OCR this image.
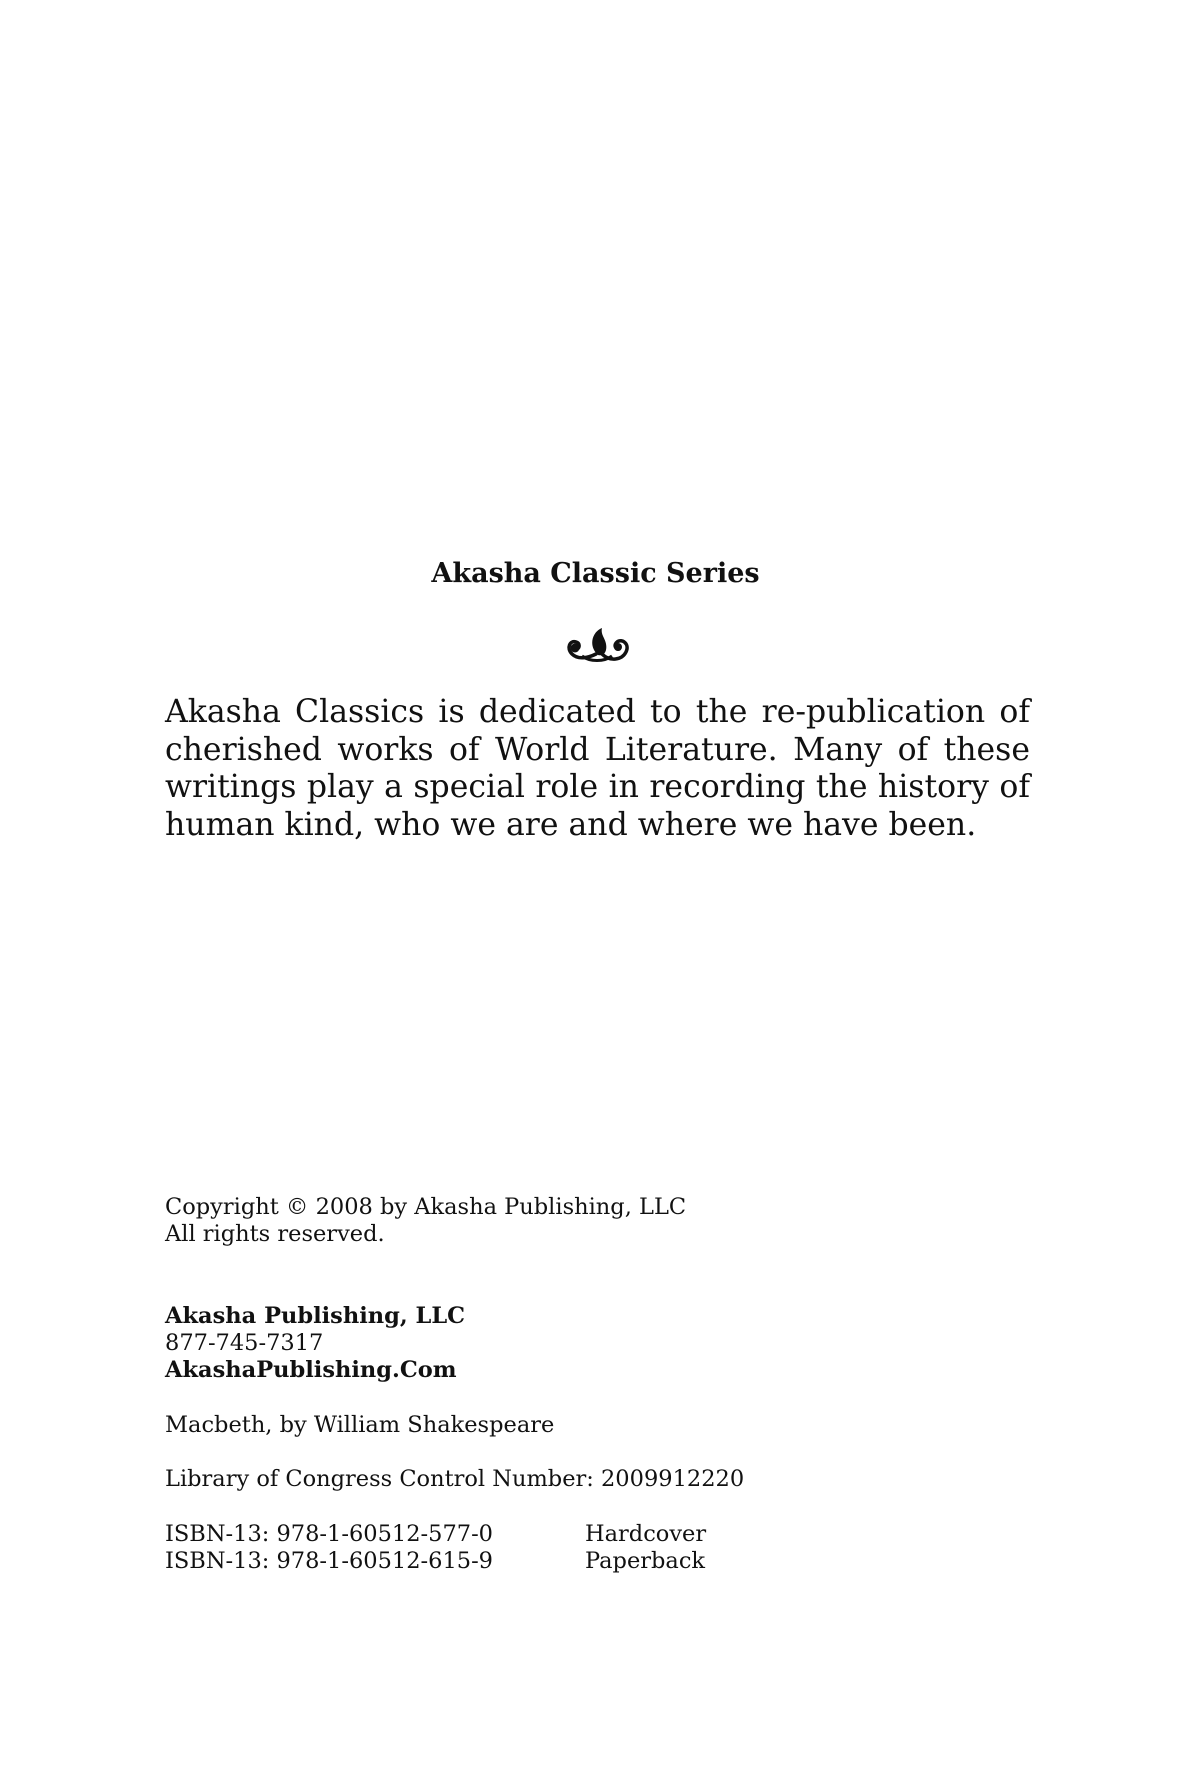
Akasha Classic Series

Akasha Classics is dedicated to the re-publication of cherished works of World Literature. Many of these writings play a special role in recording the history of human kind, who we are and where we have been.

Copyright © 2008 by Akasha Publishing, LLC
All rights reserved.
Akasha Publishing, LLC
877-745-7317
AkashaPublishing.Com
Macbeth, by William Shakespeare
Library of Congress Control Number: 2009912220
ISBN-13: 978-1-60512-577-0	Hardcover
ISBN-13: 978-1-60512-615-9	Paperback
